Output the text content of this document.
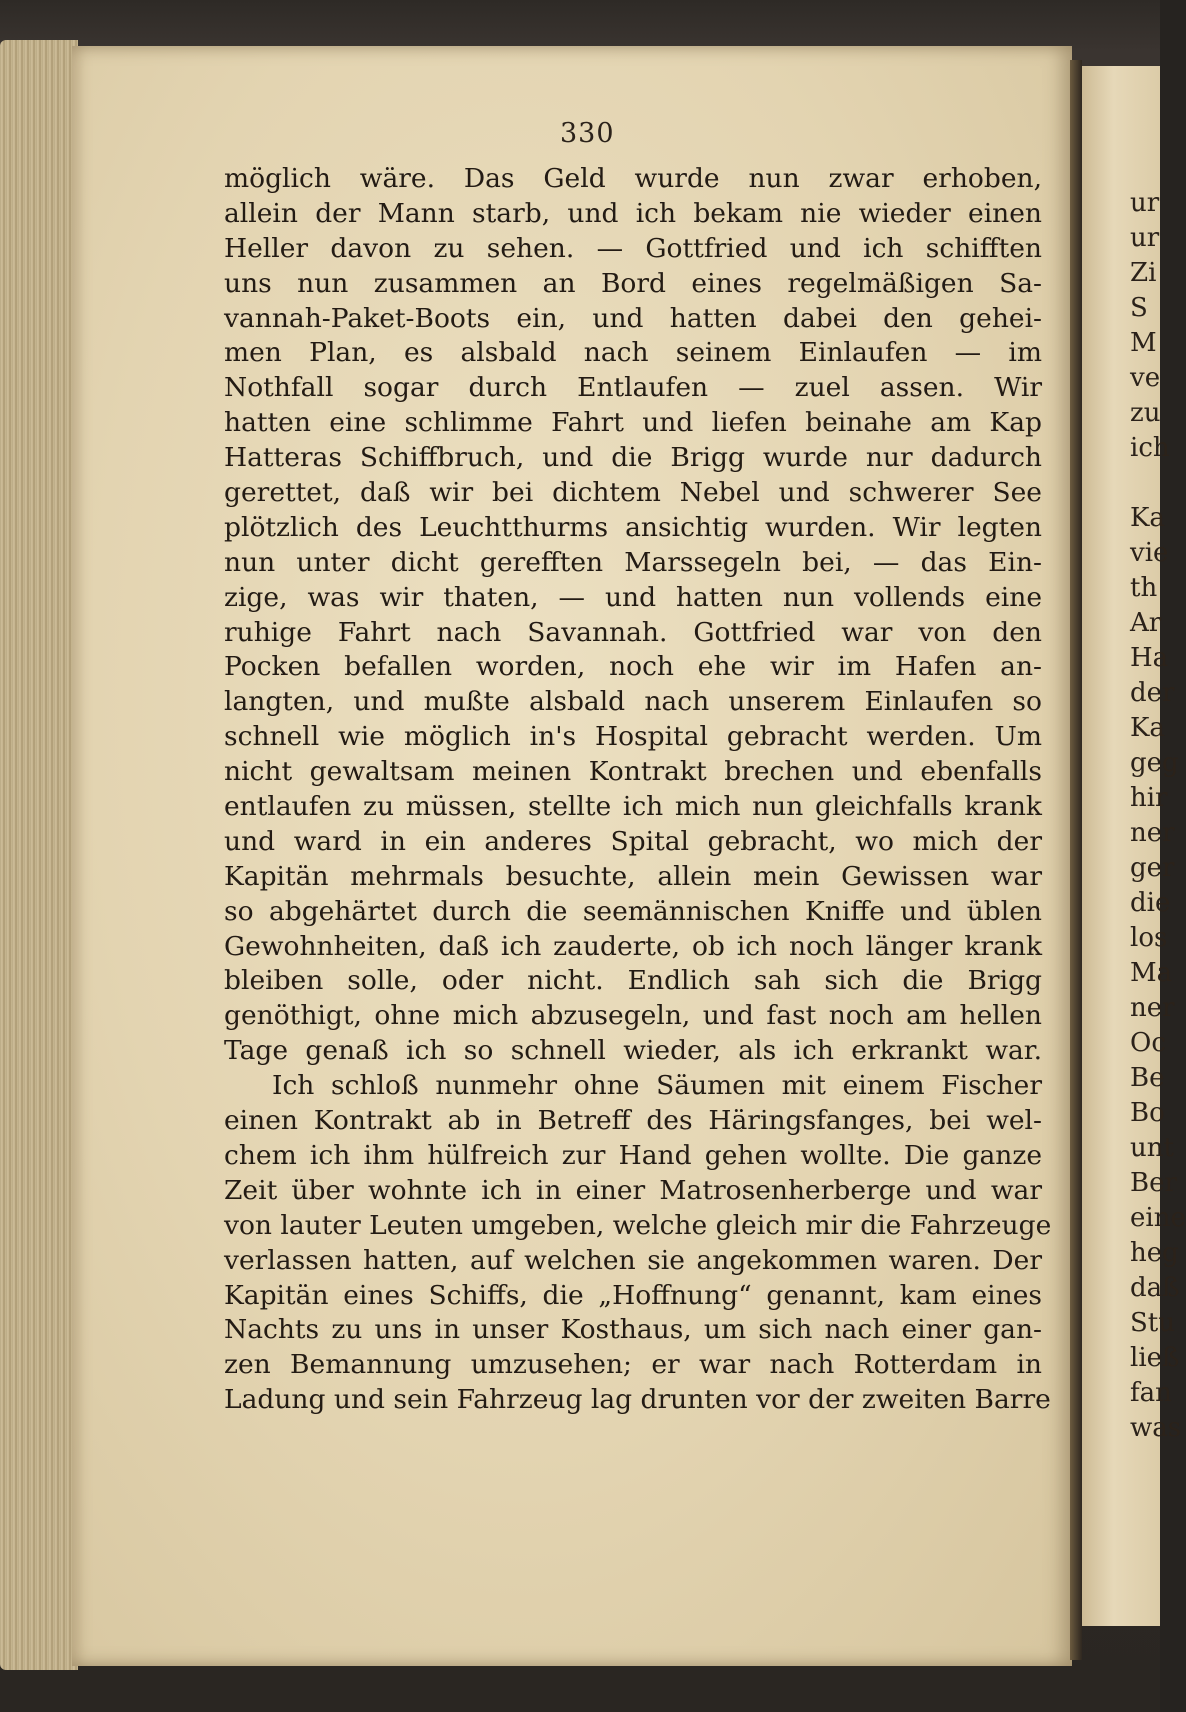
330
möglich wäre. Das Geld wurde nun zwar erhoben,
allein der Mann starb, und ich bekam nie wieder einen
Heller davon zu sehen. — Gottfried und ich schifften
uns nun zusammen an Bord eines regelmäßigen Sa-
vannah-Paket-Boots ein, und hatten dabei den gehei-
men Plan, es alsbald nach seinem Einlaufen — im
Nothfall sogar durch Entlaufen — zuel assen. Wir
hatten eine schlimme Fahrt und liefen beinahe am Kap
Hatteras Schiffbruch, und die Brigg wurde nur dadurch
gerettet, daß wir bei dichtem Nebel und schwerer See
plötzlich des Leuchtthurms ansichtig wurden. Wir legten
nun unter dicht gerefften Marssegeln bei, — das Ein-
zige, was wir thaten, — und hatten nun vollends eine
ruhige Fahrt nach Savannah. Gottfried war von den
Pocken befallen worden, noch ehe wir im Hafen an-
langten, und mußte alsbald nach unserem Einlaufen so
schnell wie möglich in's Hospital gebracht werden. Um
nicht gewaltsam meinen Kontrakt brechen und ebenfalls
entlaufen zu müssen, stellte ich mich nun gleichfalls krank
und ward in ein anderes Spital gebracht, wo mich der
Kapitän mehrmals besuchte, allein mein Gewissen war
so abgehärtet durch die seemännischen Kniffe und üblen
Gewohnheiten, daß ich zauderte, ob ich noch länger krank
bleiben solle, oder nicht. Endlich sah sich die Brigg
genöthigt, ohne mich abzusegeln, und fast noch am hellen
Tage genaß ich so schnell wieder, als ich erkrankt war.
Ich schloß nunmehr ohne Säumen mit einem Fischer
einen Kontrakt ab in Betreff des Häringsfanges, bei wel-
chem ich ihm hülfreich zur Hand gehen wollte. Die ganze
Zeit über wohnte ich in einer Matrosenherberge und war
von lauter Leuten umgeben, welche gleich mir die Fahrzeuge
verlassen hatten, auf welchen sie angekommen waren. Der
Kapitän eines Schiffs, die „Hoffnung“ genannt, kam eines
Nachts zu uns in unser Kosthaus, um sich nach einer gan-
zen Bemannung umzusehen; er war nach Rotterdam in
Ladung und sein Fahrzeug lag drunten vor der zweiten Barre
ur
ur
Zi
S
M
ve
zu
ich
Ka
vie
th
Ar
Ha
der
Ka
geg
hir
ner
ger
die
los
Ma
ner
Oc
Be
Bo
unt
Ber
eine
heg
daß
Stu
ließ
fan
was
